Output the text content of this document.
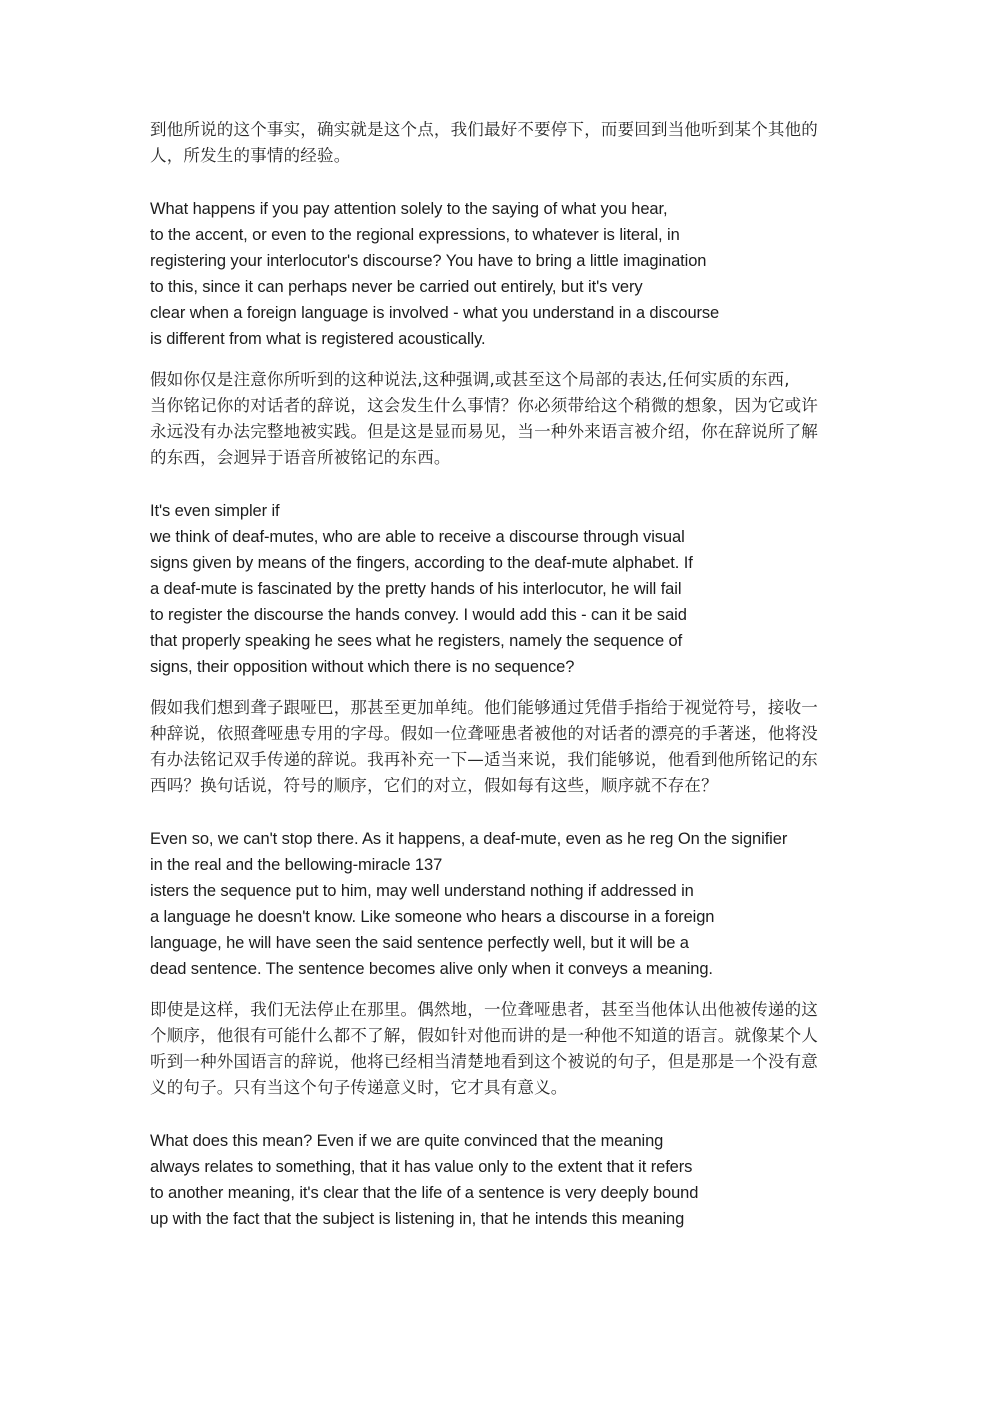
到他所说的这个事实，确实就是这个点，我们最好不要停下，而要回到当他听到某个其他的
人，所发生的事情的经验。
What happens if you pay attention solely to the saying of what you hear,
to the accent, or even to the regional expressions, to whatever is literal, in
registering your interlocutor's discourse? You have to bring a little imagination
to this, since it can perhaps never be carried out entirely, but it's very
clear when a foreign language is involved - what you understand in a discourse
is different from what is registered acoustically.
假如你仅是注意你所听到的这种说法,这种强调,或甚至这个局部的表达,任何实质的东西,
当你铭记你的对话者的辞说，这会发生什么事情？你必须带给这个稍微的想象，因为它或许
永远没有办法完整地被实践。但是这是显而易见，当一种外来语言被介绍，你在辞说所了解
的东西，会迥异于语音所被铭记的东西。
It's even simpler if
we think of deaf-mutes, who are able to receive a discourse through visual
signs given by means of the fingers, according to the deaf-mute alphabet. If
a deaf-mute is fascinated by the pretty hands of his interlocutor, he will fail
to register the discourse the hands convey. I would add this - can it be said
that properly speaking he sees what he registers, namely the sequence of
signs, their opposition without which there is no sequence?
假如我们想到聋子跟哑巴，那甚至更加单纯。他们能够通过凭借手指给于视觉符号，接收一
种辞说，依照聋哑患专用的字母。假如一位聋哑患者被他的对话者的漂亮的手著迷，他将没
有办法铭记双手传递的辞说。我再补充一下—适当来说，我们能够说，他看到他所铭记的东
西吗？换句话说，符号的顺序，它们的对立，假如每有这些，顺序就不存在？
Even so, we can't stop there. As it happens, a deaf-mute, even as he reg On the signifier
in the real and the bellowing-miracle 137
isters the sequence put to him, may well understand nothing if addressed in
a language he doesn't know. Like someone who hears a discourse in a foreign
language, he will have seen the said sentence perfectly well, but it will be a
dead sentence. The sentence becomes alive only when it conveys a meaning.
即使是这样，我们无法停止在那里。偶然地，一位聋哑患者，甚至当他体认出他被传递的这
个顺序，他很有可能什么都不了解，假如针对他而讲的是一种他不知道的语言。就像某个人
听到一种外国语言的辞说，他将已经相当清楚地看到这个被说的句子，但是那是一个没有意
义的句子。只有当这个句子传递意义时，它才具有意义。
What does this mean? Even if we are quite convinced that the meaning
always relates to something, that it has value only to the extent that it refers
to another meaning, it's clear that the life of a sentence is very deeply bound
up with the fact that the subject is listening in, that he intends this meaning
